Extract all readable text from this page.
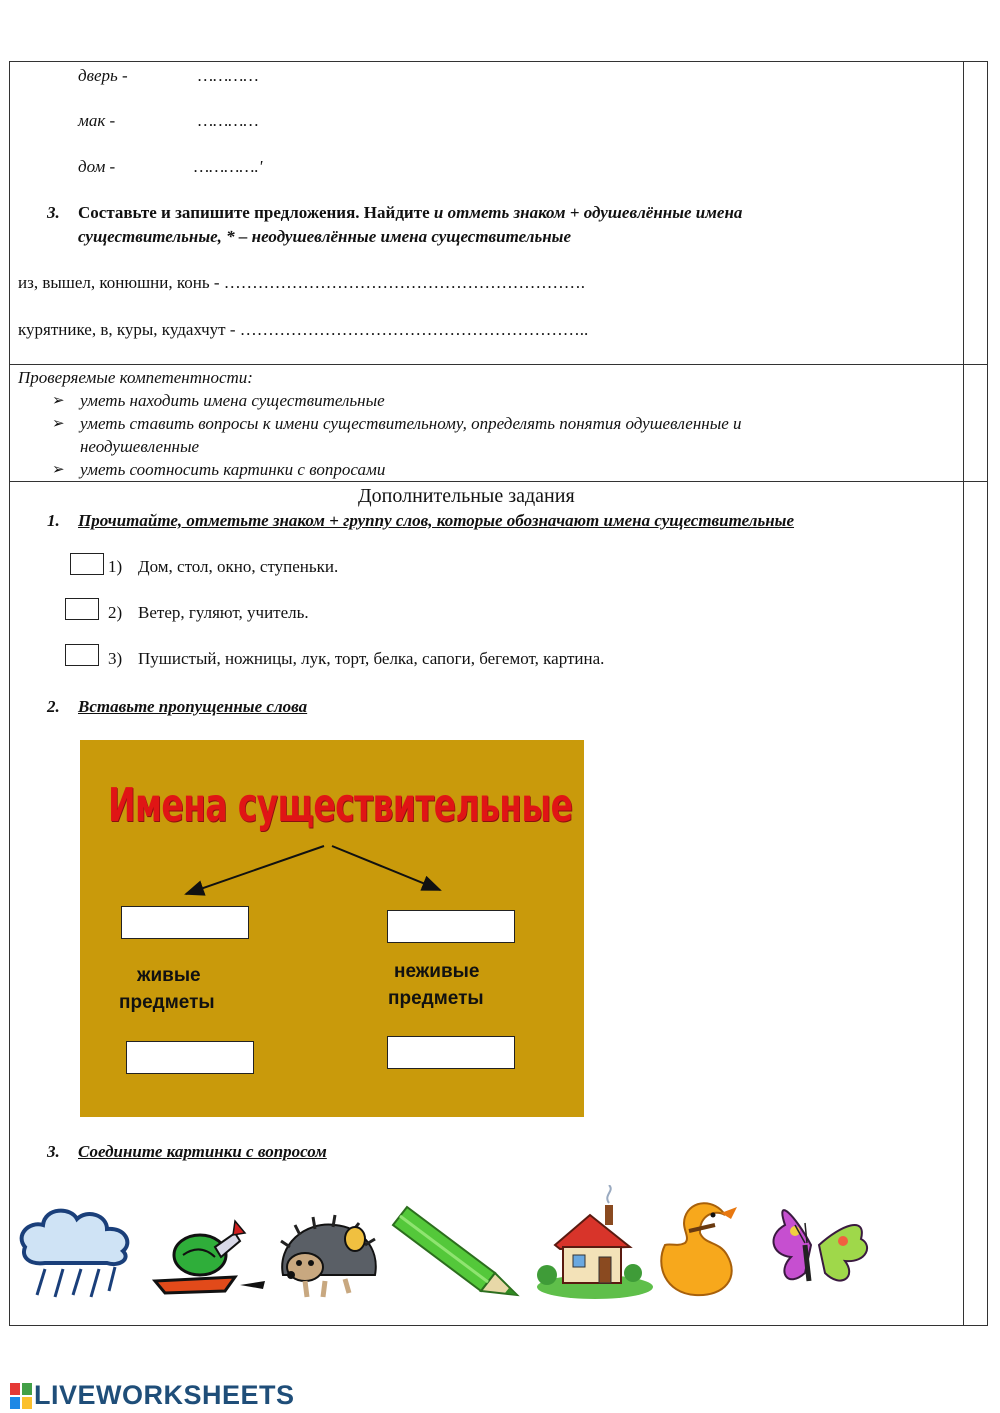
дверь -	…………
мак -	…………
дом -	………….'
3. Составьте и запишите предложения. Найдите и отметь знаком + одушевлённые имена
существительные, * – неодушевлённые имена существительные
из, вышел, конюшни, конь - ……………………………………………………….
курятнике, в, куры, кудахчут - ……………………………………………………..
Проверяемые компетентности:
➢ уметь находить имена существительные
➢ уметь ставить вопросы к имени существительному, определять понятия одушевленные и
неодушевленные
➢ уметь соотносить картинки с вопросами
Дополнительные задания
1. Прочитайте, отметьте знаком + группу слов, которые обозначают имена существительные
1) Дом, стол, окно, ступеньки.
2) Ветер, гуляют, учитель.
3) Пушистый, ножницы, лук, торт, белка, сапоги, бегемот, картина.
2. Вставьте пропущенные слова
Имена существительные
живые
предметы
неживые
предметы
3. Соедините картинки с вопросом
LIVEWORKSHEETS
